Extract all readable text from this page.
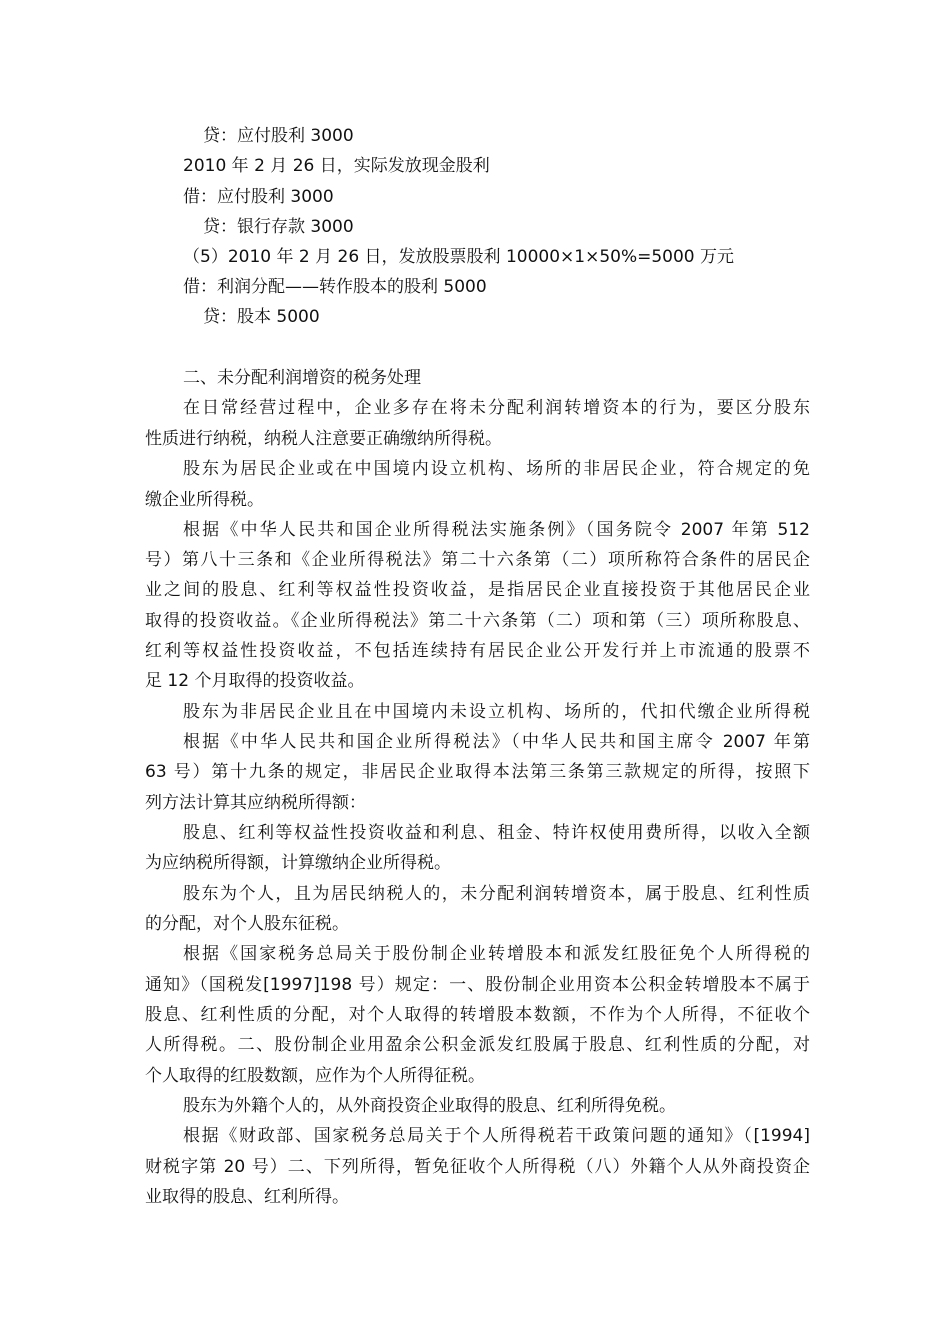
贷：应付股利 3000
2010 年 2 月 26 日，实际发放现金股利
借：应付股利 3000
贷：银行存款 3000
（5）2010 年 2 月 26 日，发放股票股利 10000×1×50%=5000 万元
借：利润分配——转作股本的股利 5000
贷：股本 5000
二、未分配利润增资的税务处理
在日常经营过程中，企业多存在将未分配利润转增资本的行为，要区分股东
性质进行纳税，纳税人注意要正确缴纳所得税。
股东为居民企业或在中国境内设立机构、场所的非居民企业，符合规定的免
缴企业所得税。
根据《中华人民共和国企业所得税法实施条例》（国务院令 2007 年第 512
号）第八十三条和《企业所得税法》第二十六条第（二）项所称符合条件的居民企
业之间的股息、红利等权益性投资收益，是指居民企业直接投资于其他居民企业
取得的投资收益。《企业所得税法》第二十六条第（二）项和第（三）项所称股息、
红利等权益性投资收益，不包括连续持有居民企业公开发行并上市流通的股票不
足 12 个月取得的投资收益。
股东为非居民企业且在中国境内未设立机构、场所的，代扣代缴企业所得税
根据《中华人民共和国企业所得税法》（中华人民共和国主席令 2007 年第
63 号）第十九条的规定，非居民企业取得本法第三条第三款规定的所得，按照下
列方法计算其应纳税所得额：
股息、红利等权益性投资收益和利息、租金、特许权使用费所得，以收入全额
为应纳税所得额，计算缴纳企业所得税。
股东为个人，且为居民纳税人的，未分配利润转增资本，属于股息、红利性质
的分配，对个人股东征税。
根据《国家税务总局关于股份制企业转增股本和派发红股征免个人所得税的
通知》（国税发[1997]198 号）规定：一、股份制企业用资本公积金转增股本不属于
股息、红利性质的分配，对个人取得的转增股本数额，不作为个人所得，不征收个
人所得税。二、股份制企业用盈余公积金派发红股属于股息、红利性质的分配，对
个人取得的红股数额，应作为个人所得征税。
股东为外籍个人的，从外商投资企业取得的股息、红利所得免税。
根据《财政部、国家税务总局关于个人所得税若干政策问题的通知》（[1994]
财税字第 20 号）二、下列所得，暂免征收个人所得税（八）外籍个人从外商投资企
业取得的股息、红利所得。
